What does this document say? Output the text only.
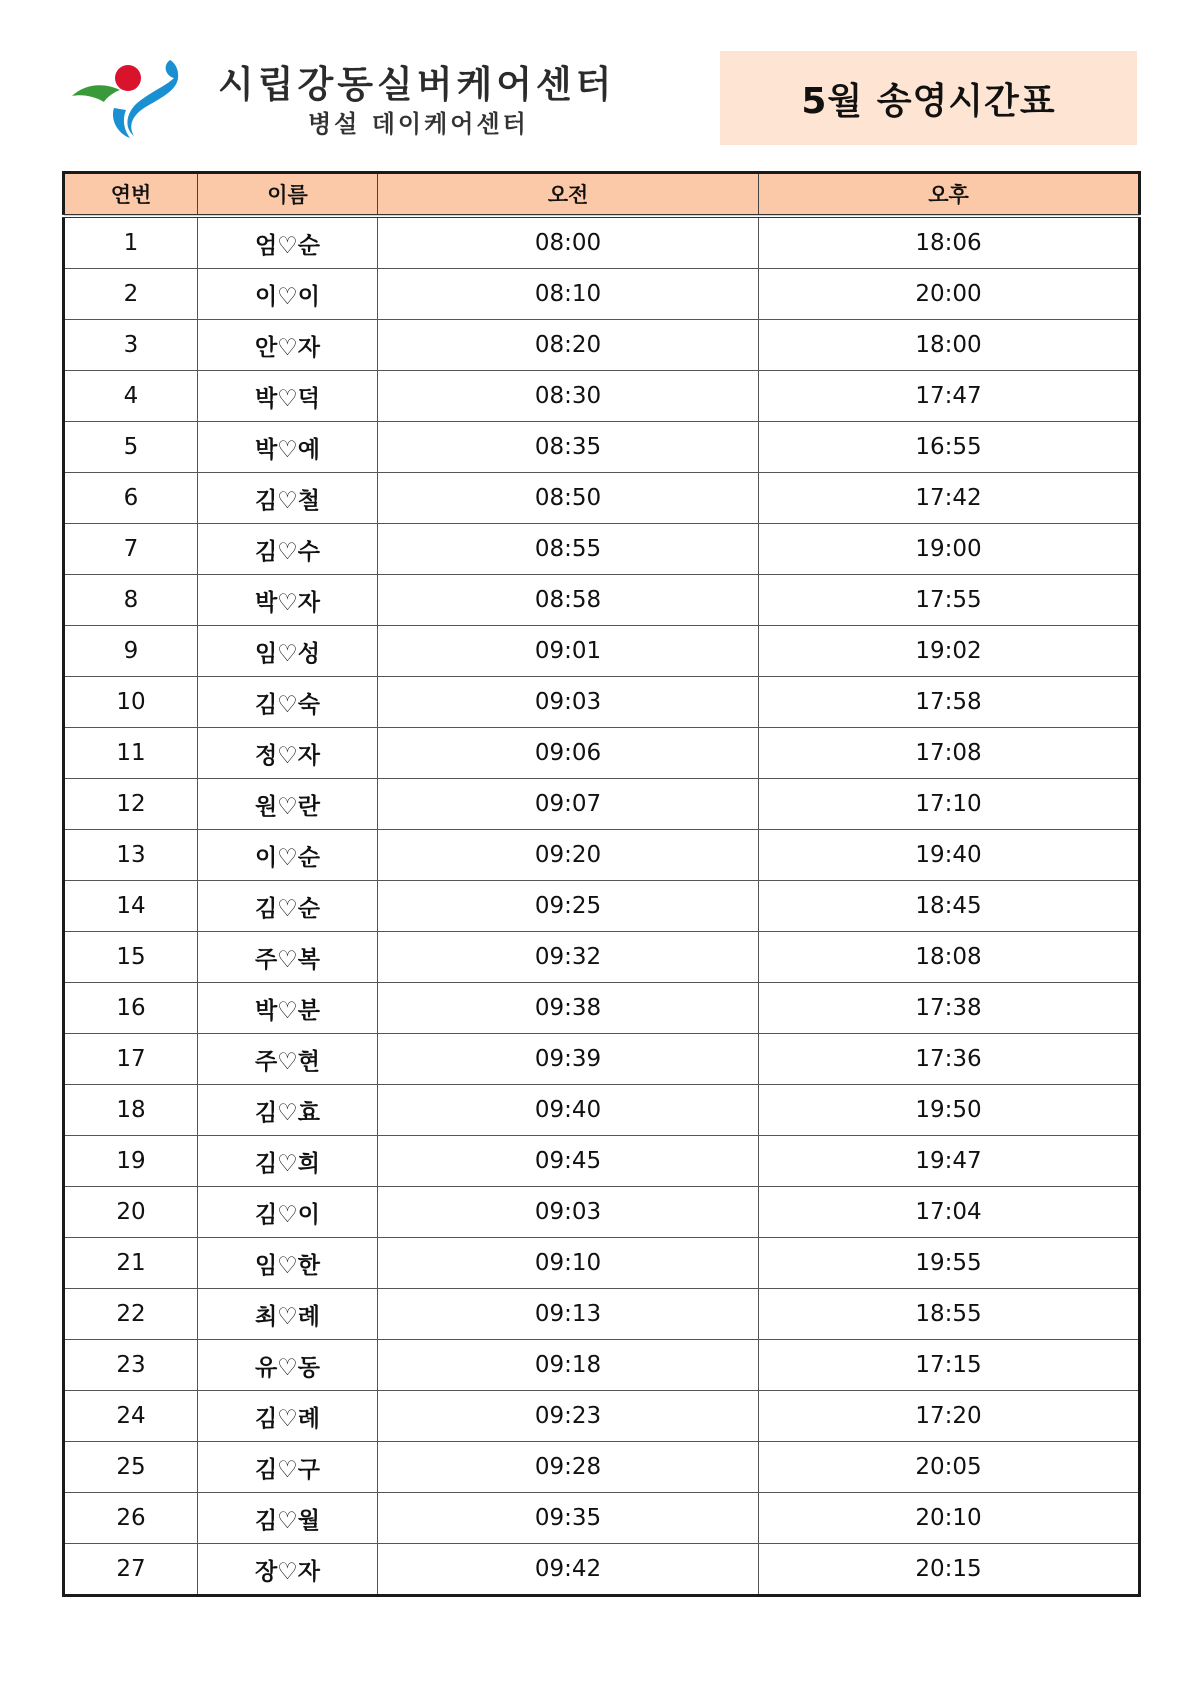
시립강동실버케어센터
병설 데이케어센터
5월 송영시간표
연번	이름	오전	오후
1	엄♡순	08:00	18:06
2	이♡이	08:10	20:00
3	안♡자	08:20	18:00
4	박♡덕	08:30	17:47
5	박♡예	08:35	16:55
6	김♡철	08:50	17:42
7	김♡수	08:55	19:00
8	박♡자	08:58	17:55
9	임♡성	09:01	19:02
10	김♡숙	09:03	17:58
11	정♡자	09:06	17:08
12	원♡란	09:07	17:10
13	이♡순	09:20	19:40
14	김♡순	09:25	18:45
15	주♡복	09:32	18:08
16	박♡분	09:38	17:38
17	주♡현	09:39	17:36
18	김♡효	09:40	19:50
19	김♡희	09:45	19:47
20	김♡이	09:03	17:04
21	임♡한	09:10	19:55
22	최♡례	09:13	18:55
23	유♡동	09:18	17:15
24	김♡례	09:23	17:20
25	김♡구	09:28	20:05
26	김♡월	09:35	20:10
27	장♡자	09:42	20:15
